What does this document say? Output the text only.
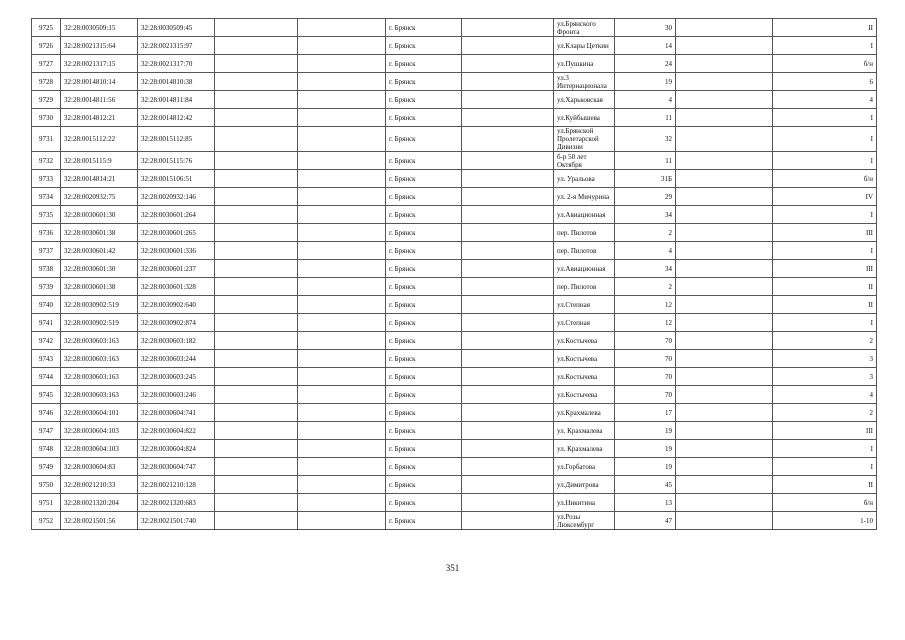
9725	32:28:0030509:15	32:28:0030509:45			г. Брянск		ул.Брянского Фронта	30		II
9726	32:28:0021315:64	32:28:0021315:97			г. Брянск		ул.Клары Цеткин	14		I
9727	32:28:0021317:15	32:28:0021317:70			г. Брянск		ул.Пушкина	24		б/н
9728	32:28:0014810:14	32:28:0014810:38			г. Брянск		ул.3 Интернационала	19		6
9729	32:28:0014811:56	32:28:0014811:84			г. Брянск		ул.Харьковская	4		4
9730	32:28:0014812:21	32:28:0014812:42			г. Брянск		ул.Куйбышева	11		I
9731	32:28:0015112:22	32:28:0015112:85			г. Брянск		ул.Брянской Пролетарской Дивизии	32		I
9732	32:28:0015115:9	32:28:0015115:76			г. Брянск		б-р 50 лет Октября	11		I
9733	32:28:0014814:21	32:28:0015106:51			г. Брянск		ул. Уральова	31Б		б/н
9734	32:28:0020932:75	32:28:0020932:146			г. Брянск		ул. 2-я Мичурина	29		IV
9735	32:28:0030601:30	32:28:0030601:264			г. Брянск		ул.Авиационная	34		I
9736	32:28:0030601:38	32:28:0030601:265			г. Брянск		пер. Пилотов	2		III
9737	32:28:0030601:42	32:28:0030601:336			г. Брянск		пер. Пилотов	4		I
9738	32:28:0030601:30	32:28:0030601:237			г. Брянск		ул.Авиационная	34		III
9739	32:28:0030601:38	32:28:0030601:328			г. Брянск		пер. Пилотов	2		II
9740	32:28:0030902:519	32:28:0030902:640			г. Брянск		ул.Степная	12		II
9741	32:28:0030902:519	32:28:0030902:874			г. Брянск		ул.Степная	12		I
9742	32:28:0030603:163	32:28:0030603:182			г. Брянск		ул.Костычева	70		2
9743	32:28:0030603:163	32:28:0030603:244			г. Брянск		ул.Костычева	70		3
9744	32:28:0030603:163	32:28:0030603:245			г. Брянск		ул.Костычева	70		3
9745	32:28:0030603:163	32:28:0030603:246			г. Брянск		ул.Костычева	70		4
9746	32:28:0030604:101	32:28:0030604:741			г. Брянск		ул.Крахмалева	17		2
9747	32:28:0030604:103	32:28:0030604:822			г. Брянск		ул. Крахмалева	19		III
9748	32:28:0030604:103	32:28:0030604:824			г. Брянск		ул. Крахмалева	19		I
9749	32:28:0030604:83	32:28:0030604:747			г. Брянск		ул.Горбатова	19		I
9750	32:28:0021210:33	32:28:0021210:128			г. Брянск		ул.Димитрова	45		II
9751	32:28:0021320:204	32:28:0021320:683			г. Брянск		ул.Никитина	13		б/н
9752	32:28:0021501:56	32:28:0021501:740			г. Брянск		ул.Розы Люксембург	47		1-10
351
